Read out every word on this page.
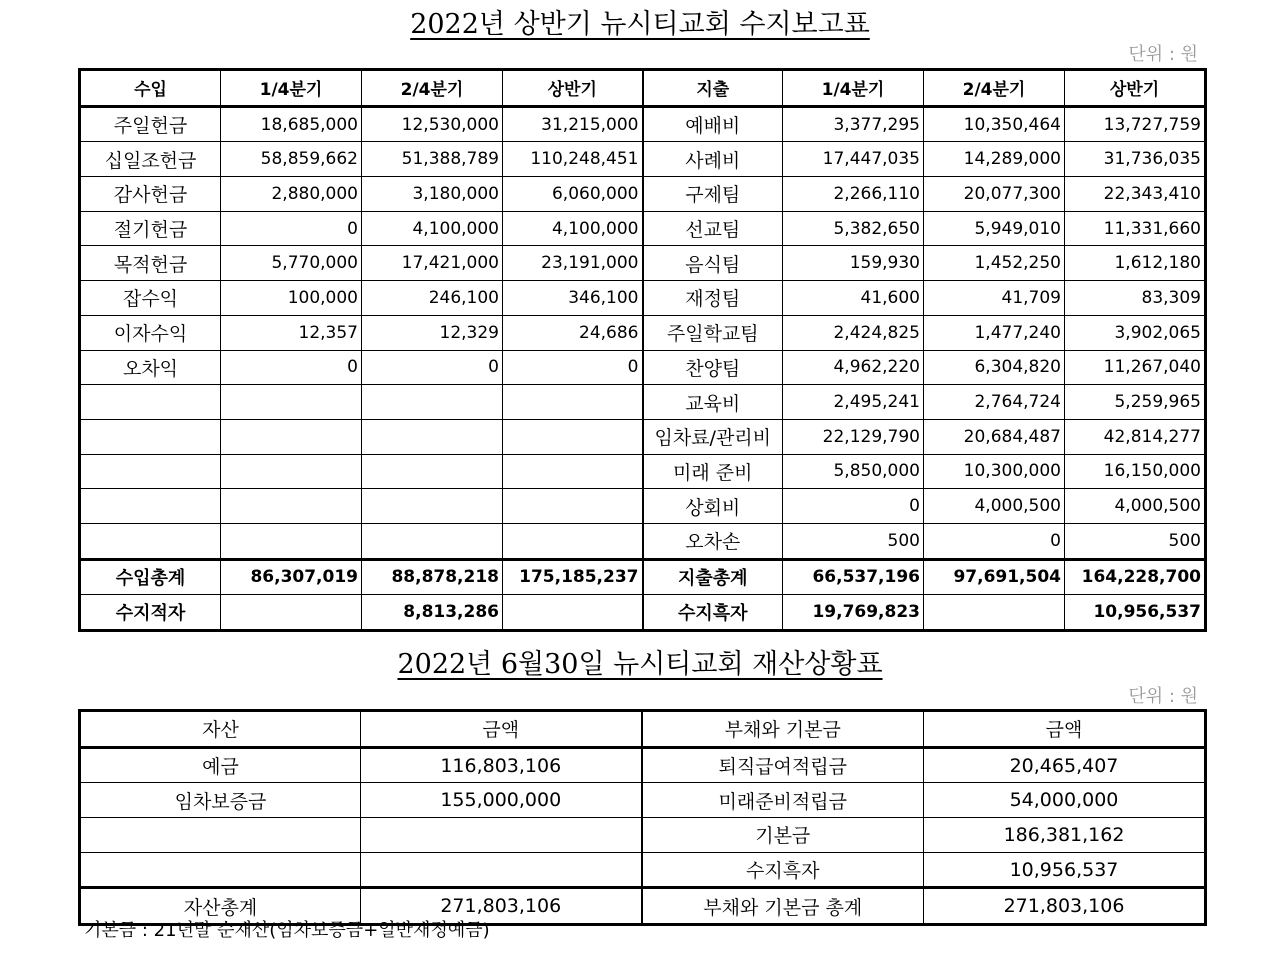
2022년 상반기 뉴시티교회 수지보고표
단위 : 원
수입	1/4분기	2/4분기	상반기	지출	1/4분기	2/4분기	상반기
주일헌금	18,685,000	12,530,000	31,215,000	예배비	3,377,295	10,350,464	13,727,759
십일조헌금	58,859,662	51,388,789	110,248,451	사례비	17,447,035	14,289,000	31,736,035
감사헌금	2,880,000	3,180,000	6,060,000	구제팀	2,266,110	20,077,300	22,343,410
절기헌금	0	4,100,000	4,100,000	선교팀	5,382,650	5,949,010	11,331,660
목적헌금	5,770,000	17,421,000	23,191,000	음식팀	159,930	1,452,250	1,612,180
잡수익	100,000	246,100	346,100	재정팀	41,600	41,709	83,309
이자수익	12,357	12,329	24,686	주일학교팀	2,424,825	1,477,240	3,902,065
오차익	0	0	0	찬양팀	4,962,220	6,304,820	11,267,040
				교육비	2,495,241	2,764,724	5,259,965
				임차료/관리비	22,129,790	20,684,487	42,814,277
				미래 준비	5,850,000	10,300,000	16,150,000
				상회비	0	4,000,500	4,000,500
				오차손	500	0	500
수입총계	86,307,019	88,878,218	175,185,237	지출총계	66,537,196	97,691,504	164,228,700
수지적자		8,813,286		수지흑자	19,769,823		10,956,537
2022년 6월30일 뉴시티교회 재산상황표
단위 : 원
자산	금액	부채와 기본금	금액
예금	116,803,106	퇴직급여적립금	20,465,407
임차보증금	155,000,000	미래준비적립금	54,000,000
		기본금	186,381,162
		수지흑자	10,956,537
자산총계	271,803,106	부채와 기본금 총계	271,803,106
기본금 : 21년말 순재산(임차보증금+일반재정예금)
